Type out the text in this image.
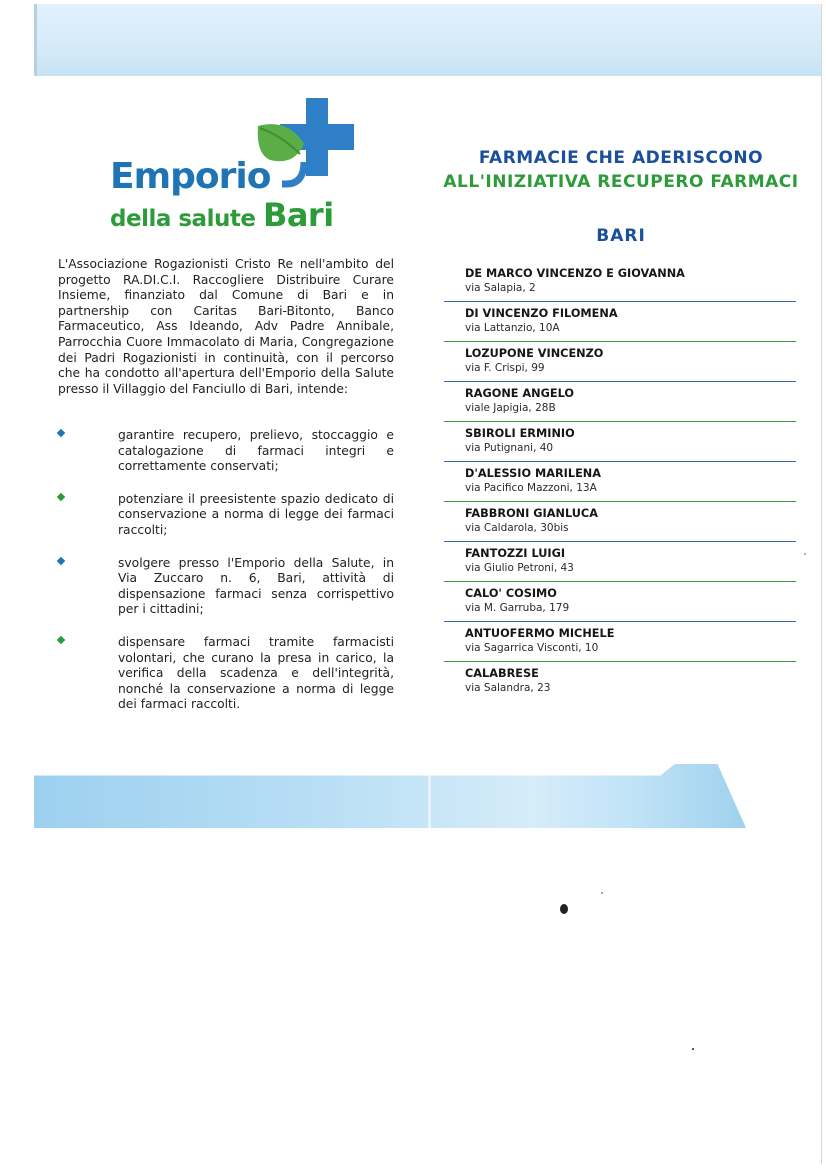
Emporio
della salute Bari
L'Associazione Rogazionisti Cristo Re nell'ambito del progetto RA.DI.C.I. Raccogliere Distribuire Curare Insieme, finanziato dal Comune di Bari e in partnership con Caritas Bari-Bitonto, Banco Farmaceutico, Ass Ideando, Adv Padre Annibale, Parrocchia Cuore Immacolato di Maria, Congregazione dei Padri Rogazionisti in continuità, con il percorso che ha condotto all'apertura dell'Emporio della Salute presso il Villaggio del Fanciullo di Bari, intende:
garantire recupero, prelievo, stoccaggio e catalogazione di farmaci integri e correttamente conservati;
potenziare il preesistente spazio dedicato di conservazione a norma di legge dei farmaci raccolti;
svolgere presso l'Emporio della Salute, in Via Zuccaro n. 6, Bari, attività di dispensazione farmaci senza corrispettivo per i cittadini;
dispensare farmaci tramite farmacisti volontari, che curano la presa in carico, la verifica della scadenza e dell'integrità, nonché la conservazione a norma di legge dei farmaci raccolti.
FARMACIE CHE ADERISCONO
ALL'INIZIATIVA RECUPERO FARMACI
BARI
DE MARCO VINCENZO E GIOVANNA
via Salapia, 2
DI VINCENZO FILOMENA
via Lattanzio, 10A
LOZUPONE VINCENZO
via F. Crispi, 99
RAGONE ANGELO
viale Japigia, 28B
SBIROLI ERMINIO
via Putignani, 40
D'ALESSIO MARILENA
via Pacifico Mazzoni, 13A
FABBRONI GIANLUCA
via Caldarola, 30bis
FANTOZZI LUIGI
via Giulio Petroni, 43
CALO' COSIMO
via M. Garruba, 179
ANTUOFERMO MICHELE
via Sagarrica Visconti, 10
CALABRESE
via Salandra, 23
